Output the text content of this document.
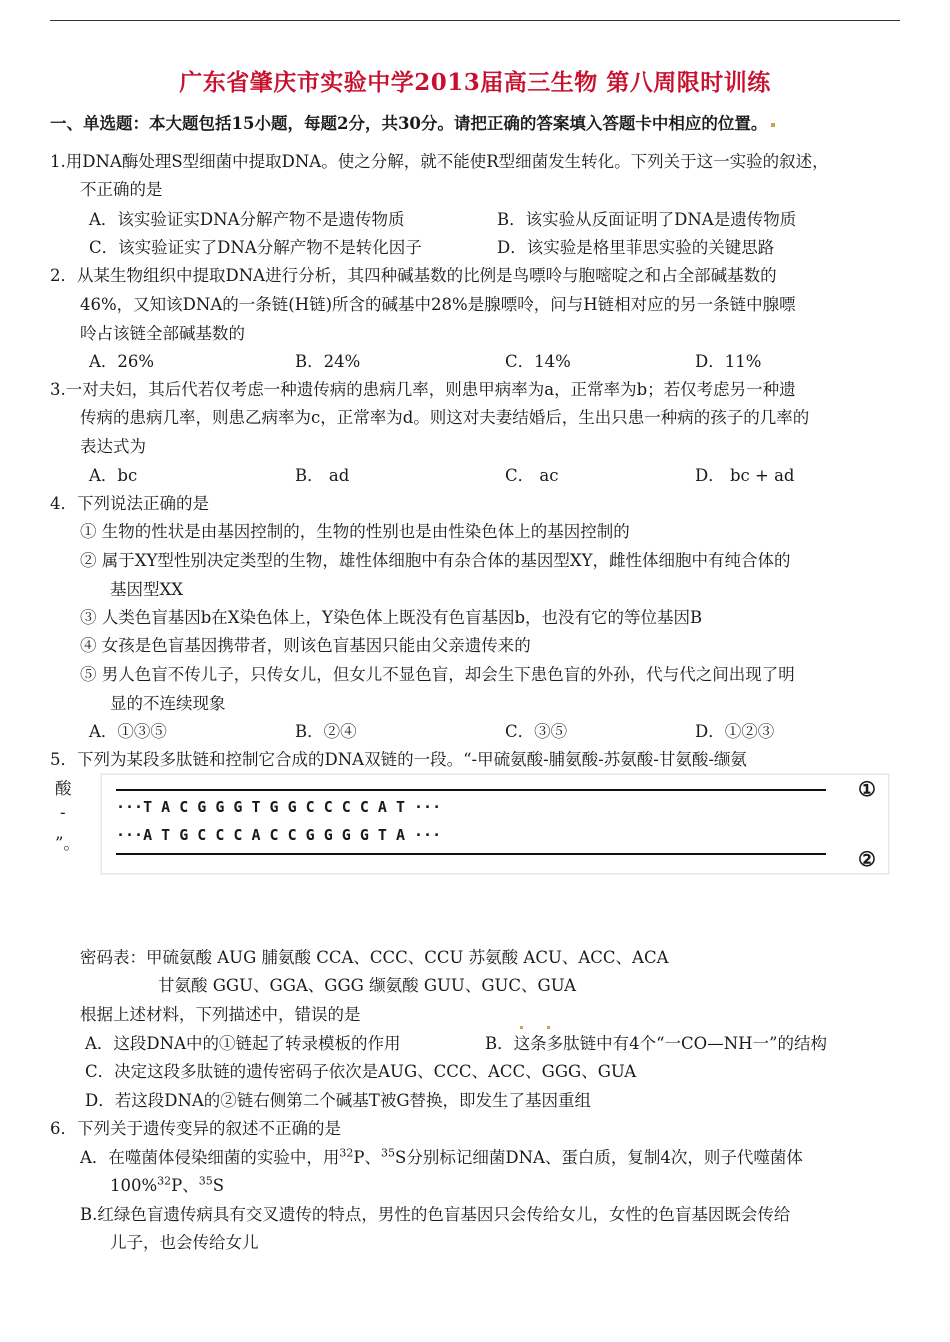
广东省肇庆市实验中学2013届高三生物 第八周限时训练
一、单选题：本大题包括15小题，每题2分，共30分。请把正确的答案填入答题卡中相应的位置。
1.用DNA酶处理S型细菌中提取DNA。使之分解，就不能使R型细菌发生转化。下列关于这一实验的叙述，
不正确的是
A．该实验证实DNA分解产物不是遗传物质	B．该实验从反面证明了DNA是遗传物质
C．该实验证实了DNA分解产物不是转化因子	D．该实验是格里菲思实验的关键思路
2．从某生物组织中提取DNA进行分析，其四种碱基数的比例是鸟嘌呤与胞嘧啶之和占全部碱基数的
46%，又知该DNA的一条链(H链)所含的碱基中28%是腺嘌呤，问与H链相对应的另一条链中腺嘌
呤占该链全部碱基数的
A．26%	B．24%	C．14%	D．11%
3.一对夫妇，其后代若仅考虑一种遗传病的患病几率，则患甲病率为a，正常率为b；若仅考虑另一种遗
传病的患病几率，则患乙病率为c，正常率为d。则这对夫妻结婚后，生出只患一种病的孩子的几率的
表达式为
A．bc	B． ad	C． ac	D． bc + ad
4．下列说法正确的是
① 生物的性状是由基因控制的，生物的性别也是由性染色体上的基因控制的
② 属于XY型性别决定类型的生物，雄性体细胞中有杂合体的基因型XY，雌性体细胞中有纯合体的
基因型XX
③ 人类色盲基因b在X染色体上，Y染色体上既没有色盲基因b，也没有它的等位基因B
④ 女孩是色盲基因携带者，则该色盲基因只能由父亲遗传来的
⑤ 男人色盲不传儿子，只传女儿，但女儿不显色盲，却会生下患色盲的外孙，代与代之间出现了明
显的不连续现象
A．①③⑤	B．②④	C．③⑤	D．①②③
5．下列为某段多肽链和控制它合成的DNA双链的一段。“-甲硫氨酸-脯氨酸-苏氨酸-甘氨酸-缬氨
酸
-
”。
···T A C G G G T G G C C C C A T ···
···A T G C C C A C C G G G G T A ···
①
②
密码表：甲硫氨酸 AUG 脯氨酸 CCA、CCC、CCU 苏氨酸 ACU、ACC、ACA
甘氨酸 GGU、GGA、GGG 缬氨酸 GUU、GUC、GUA
根据上述材料，下列描述中，错误的是
A．这段DNA中的①链起了转录模板的作用	B．这条多肽链中有4个“一CO—NH一”的结构
C．决定这段多肽链的遗传密码子依次是AUG、CCC、ACC、GGG、GUA
D．若这段DNA的②链右侧第二个碱基T被G替换，即发生了基因重组
6．下列关于遗传变异的叙述不正确的是
A．在噬菌体侵染细菌的实验中，用$^{32}$P、$^{35}$S分别标记细菌DNA、蛋白质，复制4次，则子代噬菌体
100%$^{32}$P、$^{35}$S
B.红绿色盲遗传病具有交叉遗传的特点，男性的色盲基因只会传给女儿，女性的色盲基因既会传给
儿子，也会传给女儿
